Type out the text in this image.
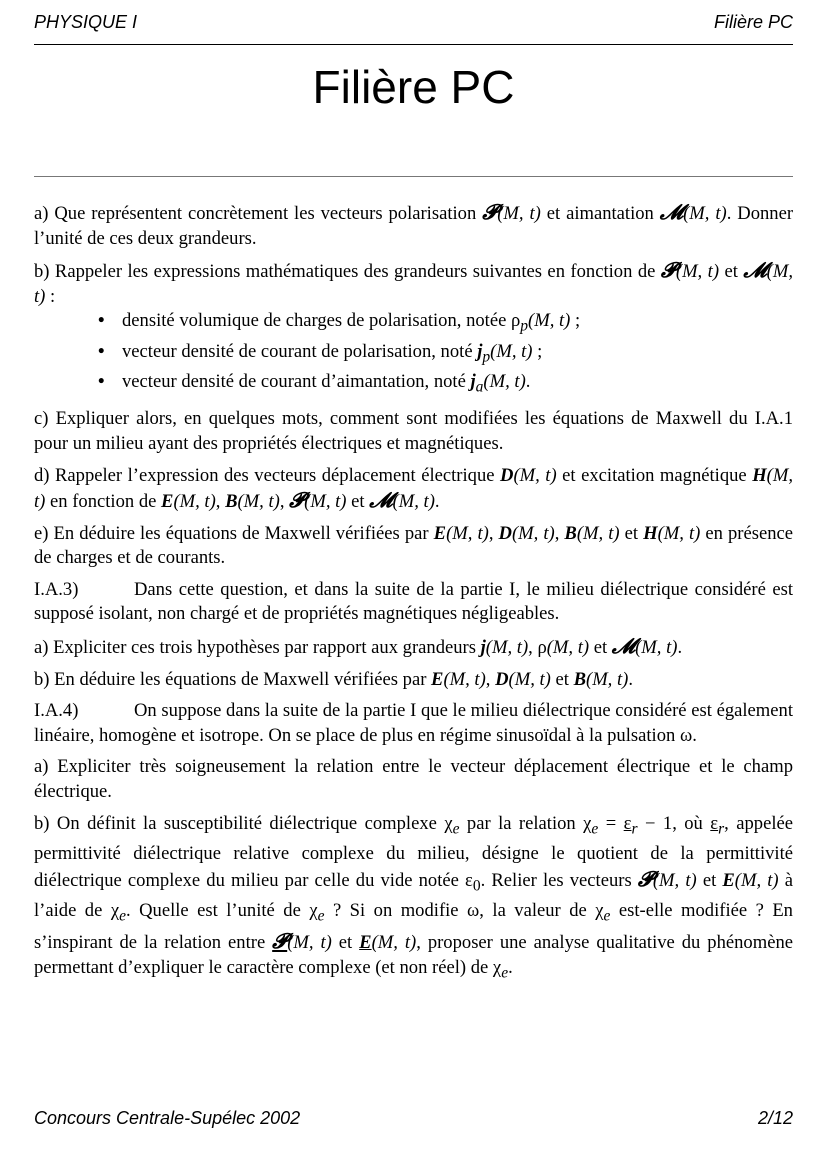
PHYSIQUE I	Filière PC
Filière PC

a) Que représentent concrètement les vecteurs polarisation 𝓟(M, t) et aimantation 𝓜(M, t). Donner l’unité de ces deux grandeurs.

b) Rappeler les expressions mathématiques des grandeurs suivantes en fonction de 𝓟(M, t) et 𝓜(M, t) :
• densité volumique de charges de polarisation, notée $\rho_p(M$, t) ;
• vecteur densité de courant de polarisation, noté $j_p(M$, t) ;
• vecteur densité de courant d’aimantation, noté $j_a(M$, t).

c) Expliquer alors, en quelques mots, comment sont modifiées les équations de Maxwell du I.A.1 pour un milieu ayant des propriétés électriques et magnétiques.

d) Rappeler l’expression des vecteurs déplacement électrique D(M, t) et excitation magnétique H(M, t) en fonction de E(M, t), B(M, t), 𝓟(M, t) et 𝓜(M, t).

e) En déduire les équations de Maxwell vérifiées par E(M, t), D(M, t), B(M, t) et H(M, t) en présence de charges et de courants.

I.A.3)	Dans cette question, et dans la suite de la partie I, le milieu diélectrique considéré est supposé isolant, non chargé et de propriétés magnétiques négligeables.

a) Expliciter ces trois hypothèses par rapport aux grandeurs j(M, t), ρ(M, t) et 𝓜(M, t).

b) En déduire les équations de Maxwell vérifiées par E(M, t), D(M, t) et B(M, t).

I.A.4)	On suppose dans la suite de la partie I que le milieu diélectrique considéré est également linéaire, homogène et isotrope. On se place de plus en régime sinusoïdal à la pulsation ω.

a) Expliciter très soigneusement la relation entre le vecteur déplacement électrique et le champ électrique.

b) On définit la susceptibilité diélectrique complexe $\chi_e$ par la relation $\chi_e = \varepsilon_r - 1$, où $\varepsilon_r$, appelée permittivité diélectrique relative complexe du milieu, désigne le quotient de la permittivité diélectrique complexe du milieu par celle du vide notée $\varepsilon_0$. Relier les vecteurs 𝓟(M, t) et E(M, t) à l’aide de $\chi_e$. Quelle est l’unité de $\chi_e$ ? Si on modifie ω, la valeur de $\chi_e$ est-elle modifiée ? En s’inspirant de la relation entre 𝓟(M, t) et E(M, t), proposer une analyse qualitative du phénomène permettant d’expliquer le caractère complexe (et non réel) de $\chi_e$.

Concours Centrale-Supélec 2002	2/12
